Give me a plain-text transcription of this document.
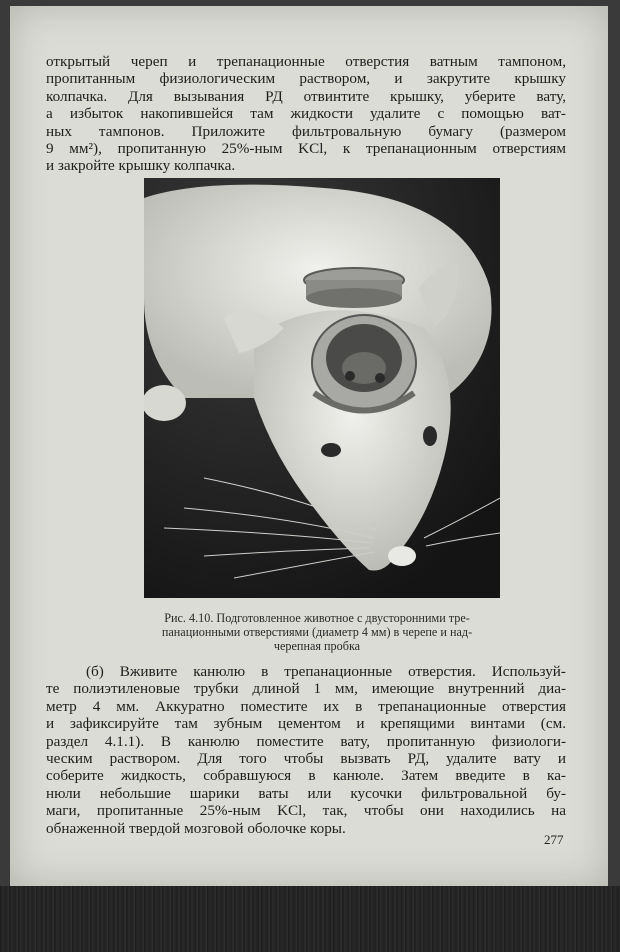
открытый череп и трепанационные отверстия ватным тампоном,
пропитанным физиологическим раствором, и закрутите крышку
колпачка. Для вызывания РД отвинтите крышку, уберите вату,
а избыток накопившейся там жидкости удалите с помощью ват-
ных тампонов. Приложите фильтровальную бумагу (размером
9 мм²), пропитанную 25%-ным KCl, к трепанационным отверстиям
и закройте крышку колпачка.
Рис. 4.10. Подготовленное животное с двусторонними тре-
панационными отверстиями (диаметр 4 мм) в черепе и над-
черепная пробка
(б) Вживите канюлю в трепанационные отверстия. Используй-
те полиэтиленовые трубки длиной 1 мм, имеющие внутренний диа-
метр 4 мм. Аккуратно поместите их в трепанационные отверстия
и зафиксируйте там зубным цементом и крепящими винтами (см.
раздел 4.1.1). В канюлю поместите вату, пропитанную физиологи-
ческим раствором. Для того чтобы вызвать РД, удалите вату и
соберите жидкость, собравшуюся в канюле. Затем введите в ка-
нюли небольшие шарики ваты или кусочки фильтровальной бу-
маги, пропитанные 25%-ным KCl, так, чтобы они находились на
обнаженной твердой мозговой оболочке коры.
277
